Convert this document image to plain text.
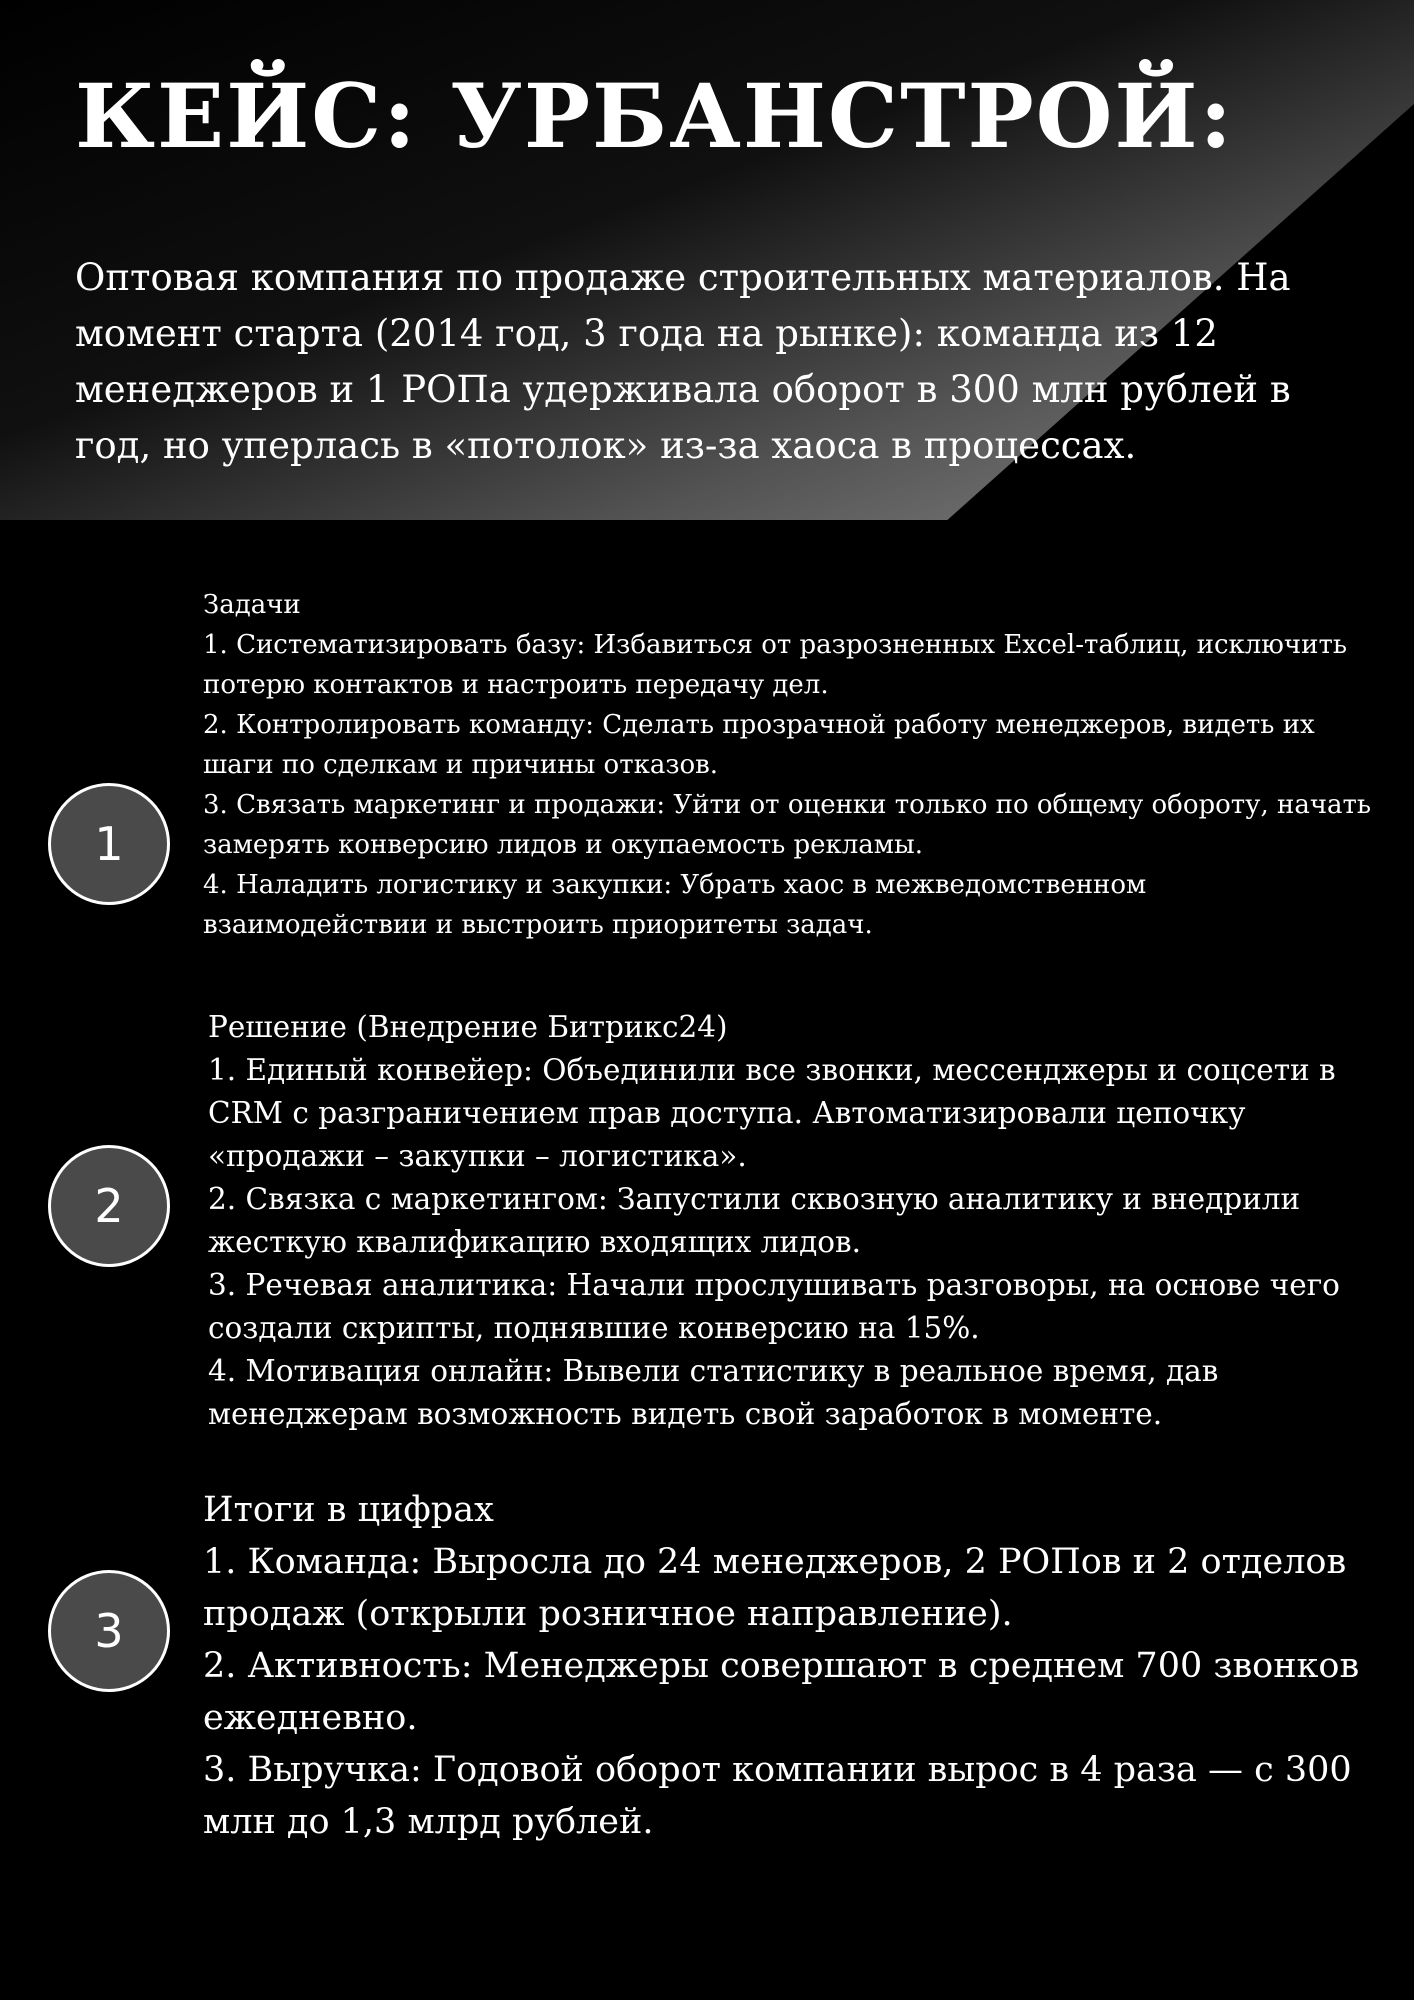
КЕЙС: УРБАНСТРОЙ:

Оптовая компания по продаже строительных материалов. На момент старта (2014 год, 3 года на рынке): команда из 12 менеджеров и 1 РОПа удерживала оборот в 300 млн рублей в год, но уперлась в «потолок» из-за хаоса в процессах.

1

Задачи

1. Систематизировать базу: Избавиться от разрозненных Excel-таблиц, исключить потерю контактов и настроить передачу дел.

2. Контролировать команду: Сделать прозрачной работу менеджеров, видеть их шаги по сделкам и причины отказов.

3. Связать маркетинг и продажи: Уйти от оценки только по общему обороту, начать замерять конверсию лидов и окупаемость рекламы.

4. Наладить логистику и закупки: Убрать хаос в межведомственном взаимодействии и выстроить приоритеты задач.

2

Решение (Внедрение Битрикс24)

1. Единый конвейер: Объединили все звонки, мессенджеры и соцсети в CRM с разграничением прав доступа. Автоматизировали цепочку «продажи – закупки – логистика».

2. Связка с маркетингом: Запустили сквозную аналитику и внедрили жесткую квалификацию входящих лидов.

3. Речевая аналитика: Начали прослушивать разговоры, на основе чего создали скрипты, поднявшие конверсию на 15%.

4. Мотивация онлайн: Вывели статистику в реальное время, дав менеджерам возможность видеть свой заработок в моменте.

3

Итоги в цифрах

1. Команда: Выросла до 24 менеджеров, 2 РОПов и 2 отделов продаж (открыли розничное направление).

2. Активность: Менеджеры совершают в среднем 700 звонков ежедневно.

3. Выручка: Годовой оборот компании вырос в 4 раза — с 300 млн до 1,3 млрд рублей.
